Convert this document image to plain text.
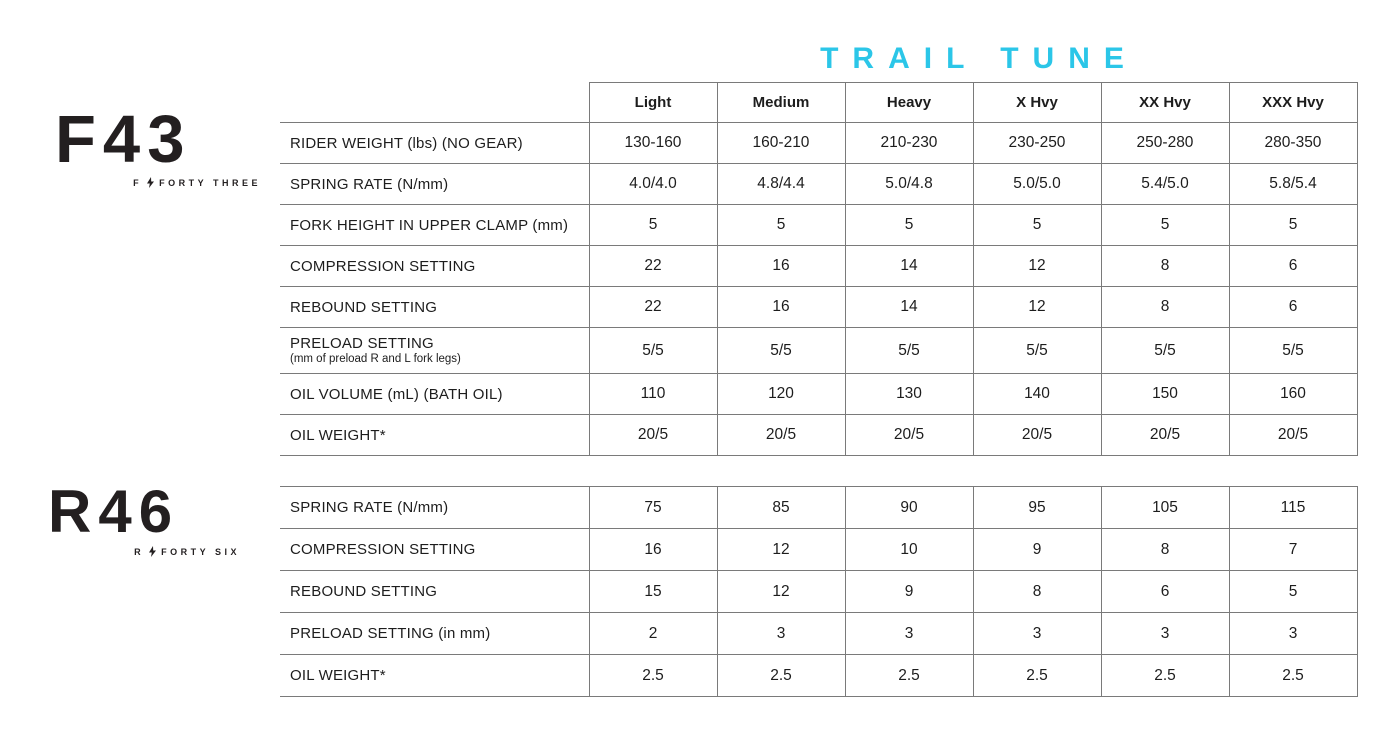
TRAIL TUNE
F43
F FORTY THREE
R46
R FORTY SIX
	Light	Medium	Heavy	X Hvy	XX Hvy	XXX Hvy

RIDER WEIGHT (lbs) (NO GEAR)	130-160	160-210	210-230	230-250	250-280	280-350

SPRING RATE (N/mm)	4.0/4.0	4.8/4.4	5.0/4.8	5.0/5.0	5.4/5.0	5.8/5.4

FORK HEIGHT IN UPPER CLAMP (mm)	5	5	5	5	5	5

COMPRESSION SETTING	22	16	14	12	8	6

REBOUND SETTING	22	16	14	12	8	6

PRELOAD SETTING
(mm of preload R and L fork legs)	5/5	5/5	5/5	5/5	5/5	5/5

OIL VOLUME (mL) (BATH OIL)	110	120	130	140	150	160

OIL WEIGHT*	20/5	20/5	20/5	20/5	20/5	20/5
SPRING RATE (N/mm)	75	85	90	95	105	115

COMPRESSION SETTING	16	12	10	9	8	7

REBOUND SETTING	15	12	9	8	6	5

PRELOAD SETTING (in mm)	2	3	3	3	3	3

OIL WEIGHT*	2.5	2.5	2.5	2.5	2.5	2.5
